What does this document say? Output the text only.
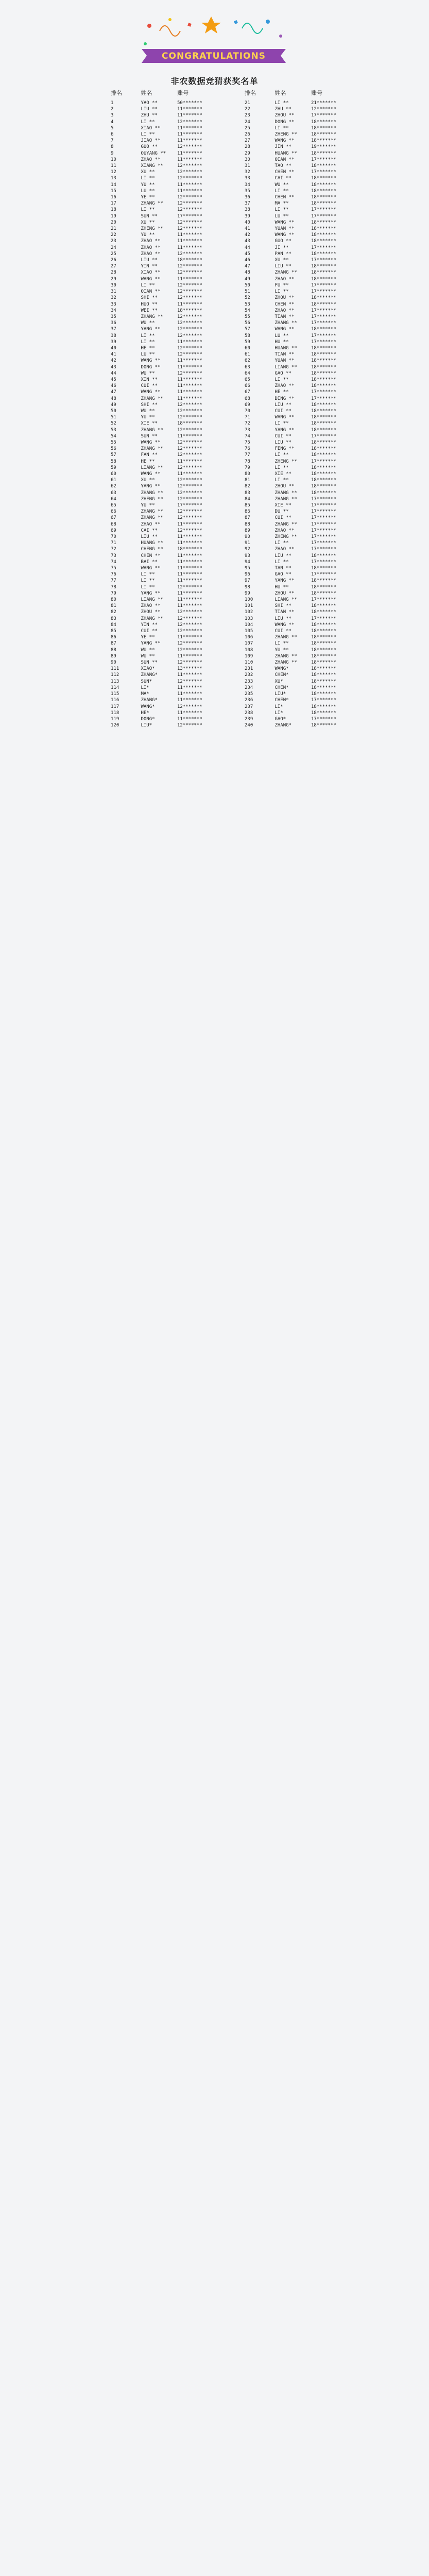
CONGRATULATIONS
非农数据竞猜获奖名单
排名	姓名	账号		排名	姓名	账号
1	YAO **	50*******		21	LI **	21*******
2	LIU **	11*******		22	ZHU **	12*******
3	ZHU **	11*******		23	ZHOU **	17*******
4	LI **	12*******		24	DONG **	18*******
5	XIAO **	11*******		25	LI **	18*******
6	LI **	11*******		26	ZHENG **	18*******
7	JIAO **	11*******		27	WANG **	18*******
8	GUO **	12*******		28	JIN **	19*******
9	OUYANG **	11*******		29	HUANG **	18*******
10	ZHAO **	11*******		30	QIAN **	17*******
11	XIANG **	12*******		31	TAO **	18*******
12	XU **	12*******		32	CHEN **	17*******
13	LI **	12*******		33	CAI **	18*******
14	YU **	11*******		34	WU **	18*******
15	LU **	11*******		35	LI **	18*******
16	YE **	12*******		36	CHEN **	18*******
17	ZHANG **	12*******		37	MA **	18*******
18	LI **	12*******		38	LI **	17*******
19	SUN **	17*******		39	LU **	17*******
20	XU **	12*******		40	WANG **	18*******
21	ZHENG **	12*******		41	YUAN **	18*******
22	YU **	11*******		42	WANG **	18*******
23	ZHAO **	11*******		43	GUO **	18*******
24	ZHAO **	11*******		44	JI **	17*******
25	ZHAO **	12*******		45	PAN **	18*******
26	LIU **	18*******		46	XU **	17*******
27	YIN **	12*******		47	LIU **	18*******
28	XIAO **	12*******		48	ZHANG **	18*******
29	WANG **	11*******		49	ZHAO **	18*******
30	LI **	12*******		50	FU **	17*******
31	QIAN **	12*******		51	LI **	17*******
32	SHI **	12*******		52	ZHOU **	18*******
33	HUO **	11*******		53	CHEN **	18*******
34	WEI **	18*******		54	ZHAO **	17*******
35	ZHANG **	12*******		55	TIAN **	17*******
36	WU **	12*******		56	ZHANG **	17*******
37	YANG **	12*******		57	WANG **	18*******
38	LI **	12*******		58	LU **	17*******
39	LI **	11*******		59	HU **	17*******
40	HE **	12*******		60	HUANG **	18*******
41	LU **	12*******		61	TIAN **	18*******
42	WANG **	11*******		62	YUAN **	18*******
43	DONG **	11*******		63	LIANG **	18*******
44	WU **	12*******		64	GAO **	18*******
45	XIN **	11*******		65	LI **	18*******
46	CUI **	11*******		66	ZHAO **	18*******
47	WANG **	11*******		67	HE **	17*******
48	ZHANG **	11*******		68	DING **	17*******
49	SHI **	12*******		69	LIU **	18*******
50	WU **	12*******		70	CUI **	18*******
51	YU **	12*******		71	WANG **	18*******
52	XIE **	18*******		72	LI **	18*******
53	ZHANG **	12*******		73	YANG **	18*******
54	SUN **	11*******		74	CUI **	17*******
55	WANG **	12*******		75	LIU **	18*******
56	ZHANG **	12*******		76	FENG **	18*******
57	FAN **	12*******		77	LI **	18*******
58	HE **	11*******		78	ZHENG **	17*******
59	LIANG **	12*******		79	LI **	18*******
60	WANG **	11*******		80	XIE **	18*******
61	XU **	12*******		81	LI **	18*******
62	YANG **	12*******		82	ZHOU **	18*******
63	ZHANG **	12*******		83	ZHANG **	18*******
64	ZHENG **	12*******		84	ZHANG **	17*******
65	YU **	17*******		85	XIE **	17*******
66	ZHANG **	12*******		86	DU **	17*******
67	ZHANG **	12*******		87	CUI **	17*******
68	ZHAO **	11*******		88	ZHANG **	17*******
69	CAI **	12*******		89	ZHAO **	17*******
70	LIU **	11*******		90	ZHENG **	17*******
71	HUANG **	11*******		91	LI **	17*******
72	CHENG **	18*******		92	ZHAO **	17*******
73	CHEN **	11*******		93	LIU **	18*******
74	BAI **	11*******		94	LI **	17*******
75	WANG **	11*******		95	TAN **	18*******
76	LI **	11*******		96	GAO **	17*******
77	LI **	11*******		97	YANG **	18*******
78	LI **	12*******		98	HU **	18*******
79	YANG **	11*******		99	ZHOU **	18*******
80	LIANG **	11*******		100	LIANG **	17*******
81	ZHAO **	11*******		101	SHI **	18*******
82	ZHOU **	12*******		102	TIAN **	18*******
83	ZHANG **	12*******		103	LIU **	17*******
84	YIN **	12*******		104	WANG **	18*******
85	CUI **	12*******		105	CUI **	18*******
86	YE **	11*******		106	ZHANG **	18*******
87	YANG **	12*******		107	LI **	18*******
88	WU **	12*******		108	YU **	18*******
89	WU **	11*******		109	ZHANG **	18*******
90	SUN **	12*******		110	ZHANG **	18*******
111	XIAO*	13*******		231	WANG*	18*******
112	ZHANG*	11*******		232	CHEN*	18*******
113	SUN*	12*******		233	XU*	18*******
114	LI*	11*******		234	CHEN*	18*******
115	MA*	11*******		235	LIU*	18*******
116	ZHANG*	11*******		236	CHEN*	17*******
117	WANG*	12*******		237	LI*	18*******
118	HE*	11*******		238	LI*	18*******
119	DONG*	11*******		239	GAO*	17*******
120	LIU*	12*******		240	ZHANG*	18*******
